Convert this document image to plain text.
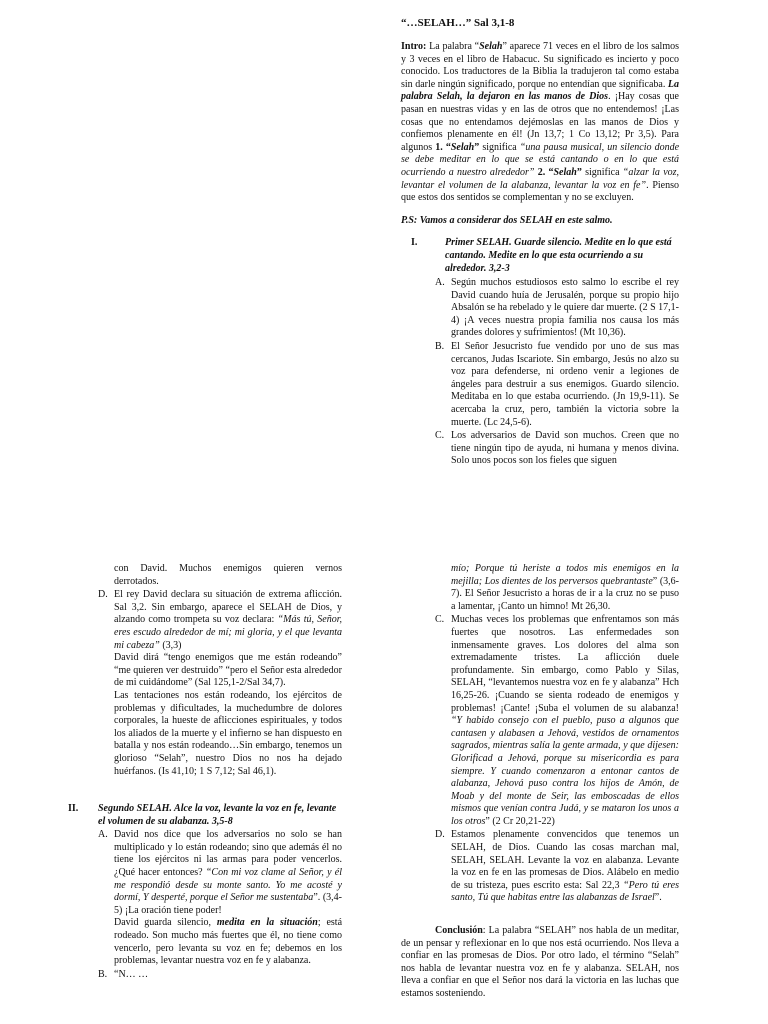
“…SELAH…” Sal 3,1-8

Intro: La palabra “Selah” aparece 71 veces en el libro de los salmos y 3 veces en el libro de Habacuc. Su significado es incierto y poco conocido. Los traductores de la Biblia la tradujeron tal como estaba sin darle ningún significado, porque no entendían que significaba. La palabra Selah, la dejaron en las manos de Dios. ¡Hay cosas que pasan en nuestras vidas y en las de otros que no entendemos! ¡Las cosas que no entendamos dejémoslas en las manos de Dios y confiemos plenamente en él! (Jn 13,7; 1 Co 13,12; Pr 3,5). Para algunos 1. “Selah” significa “una pausa musical, un silencio donde se debe meditar en lo que se está cantando o en lo que está ocurriendo a nuestro alrededor” 2. “Selah” significa “alzar la voz, levantar el volumen de la alabanza, levantar la voz en fe”. Pienso que estos dos sentidos se complementan y no se excluyen.

P.S: Vamos a considerar dos SELAH en este salmo.

I.	Primer SELAH. Guarde silencio. Medite en lo que está cantando. Medite en lo que esta ocurriendo a su alrededor. 3,2-3
A. Según muchos estudiosos esto salmo lo escribe el rey David cuando huía de Jerusalén, porque su propio hijo Absalón se ha rebelado y le quiere dar muerte. (2 S 17,1-4) ¡A veces nuestra propia familia nos causa los más grandes dolores y sufrimientos! (Mt 10,36).
B. El Señor Jesucristo fue vendido por uno de sus mas cercanos, Judas Iscariote. Sin embargo, Jesús no alzo su voz para defenderse, ni ordeno venir a legiones de ángeles para destruir a sus enemigos. Guardo silencio. Meditaba en lo que estaba ocurriendo. (Jn 19,9-11). Se acercaba la cruz, pero, también la victoria sobre la muerte. (Lc 24,5-6).
C. Los adversarios de David son muchos. Creen que no tiene ningún tipo de ayuda, ni humana y menos divina. Solo unos pocos son los fieles que siguen

con David. Muchos enemigos quieren vernos derrotados.

D. El rey David declara su situación de extrema aflicción. Sal 3,2. Sin embargo, aparece el SELAH de Dios, y alzando como trompeta su voz declara: “Más tú, Señor, eres escudo alrededor de mí; mi gloria, y el que levanta mi cabeza” (3,3)

David dirá “tengo enemigos que me están rodeando” “me quieren ver destruido” “pero el Señor esta alrededor de mi cuidándome” (Sal 125,1-2/Sal 34,7).

Las tentaciones nos están rodeando, los ejércitos de problemas y dificultades, la muchedumbre de dolores corporales, la hueste de aflicciones espirituales, y todos los aliados de la muerte y el infierno se han dispuesto en batalla y nos están rodeando…Sin embargo, tenemos un glorioso “Selah”, nuestro Dios no nos ha dejado huérfanos. (Is 41,10; 1 S 7,12; Sal 46,1).

II.	Segundo SELAH. Alce la voz, levante la voz en fe, levante el volumen de su alabanza. 3,5-8
A. David nos dice que los adversarios no solo se han multiplicado y lo están rodeando; sino que además él no tiene los ejércitos ni las armas para poder vencerlos. ¿Qué hacer entonces? “Con mi voz clame al Señor, y él me respondió desde su monte santo. Yo me acosté y dormí, Y desperté, porque el Señor me sustentaba”. (3,4-5) ¡La oración tiene poder!

David guarda silencio, medita en la situación; está rodeado. Son mucho más fuertes que él, no tiene como vencerlo, pero levanta su voz en fe; debemos en los problemas, levantar nuestra voz en fe y alabanza.

B. “N… …

mío; Porque tú heriste a todos mis enemigos en la mejilla; Los dientes de los perversos quebrantaste” (3,6-7). El Señor Jesucristo a horas de ir a la cruz no se puso a lamentar, ¡Canto un himno! Mt 26,30.

C. Muchas veces los problemas que enfrentamos son más fuertes que nosotros. Las enfermedades son inmensamente graves. Los dolores del alma son extremadamente tristes. La aflicción duele profundamente. Sin embargo, como Pablo y Silas, SELAH, “levantemos nuestra voz en fe y alabanza” Hch 16,25-26. ¡Cuando se sienta rodeado de enemigos y problemas! ¡Cante! ¡Suba el volumen de su alabanza! “Y habido consejo con el pueblo, puso a algunos que cantasen y alabasen a Jehová, vestidos de ornamentos sagrados, mientras salía la gente armada, y que dijesen: Glorificad a Jehová, porque su misericordia es para siempre. Y cuando comenzaron a entonar cantos de alabanza, Jehová puso contra los hijos de Amón, de Moab y del monte de Seir, las emboscadas de ellos mismos que venían contra Judá, y se mataron los unos a los otros” (2 Cr 20,21-22)

D. Estamos plenamente convencidos que tenemos un SELAH, de Dios. Cuando las cosas marchan mal, SELAH, SELAH. Levante la voz en alabanza. Levante la voz en fe en las promesas de Dios. Alábelo en medio de su tristeza, pues escrito esta: Sal 22,3 “Pero tú eres santo, Tú que habitas entre las alabanzas de Israel”.

Conclusión: La palabra “SELAH” nos habla de un meditar, de un pensar y reflexionar en lo que nos está ocurriendo. Nos lleva a confiar en las promesas de Dios. Por otro lado, el término “Selah” nos habla de levantar nuestra voz en fe y alabanza. SELAH, nos lleva a confiar en que el Señor nos dará la victoria en las luchas que estamos sosteniendo.
